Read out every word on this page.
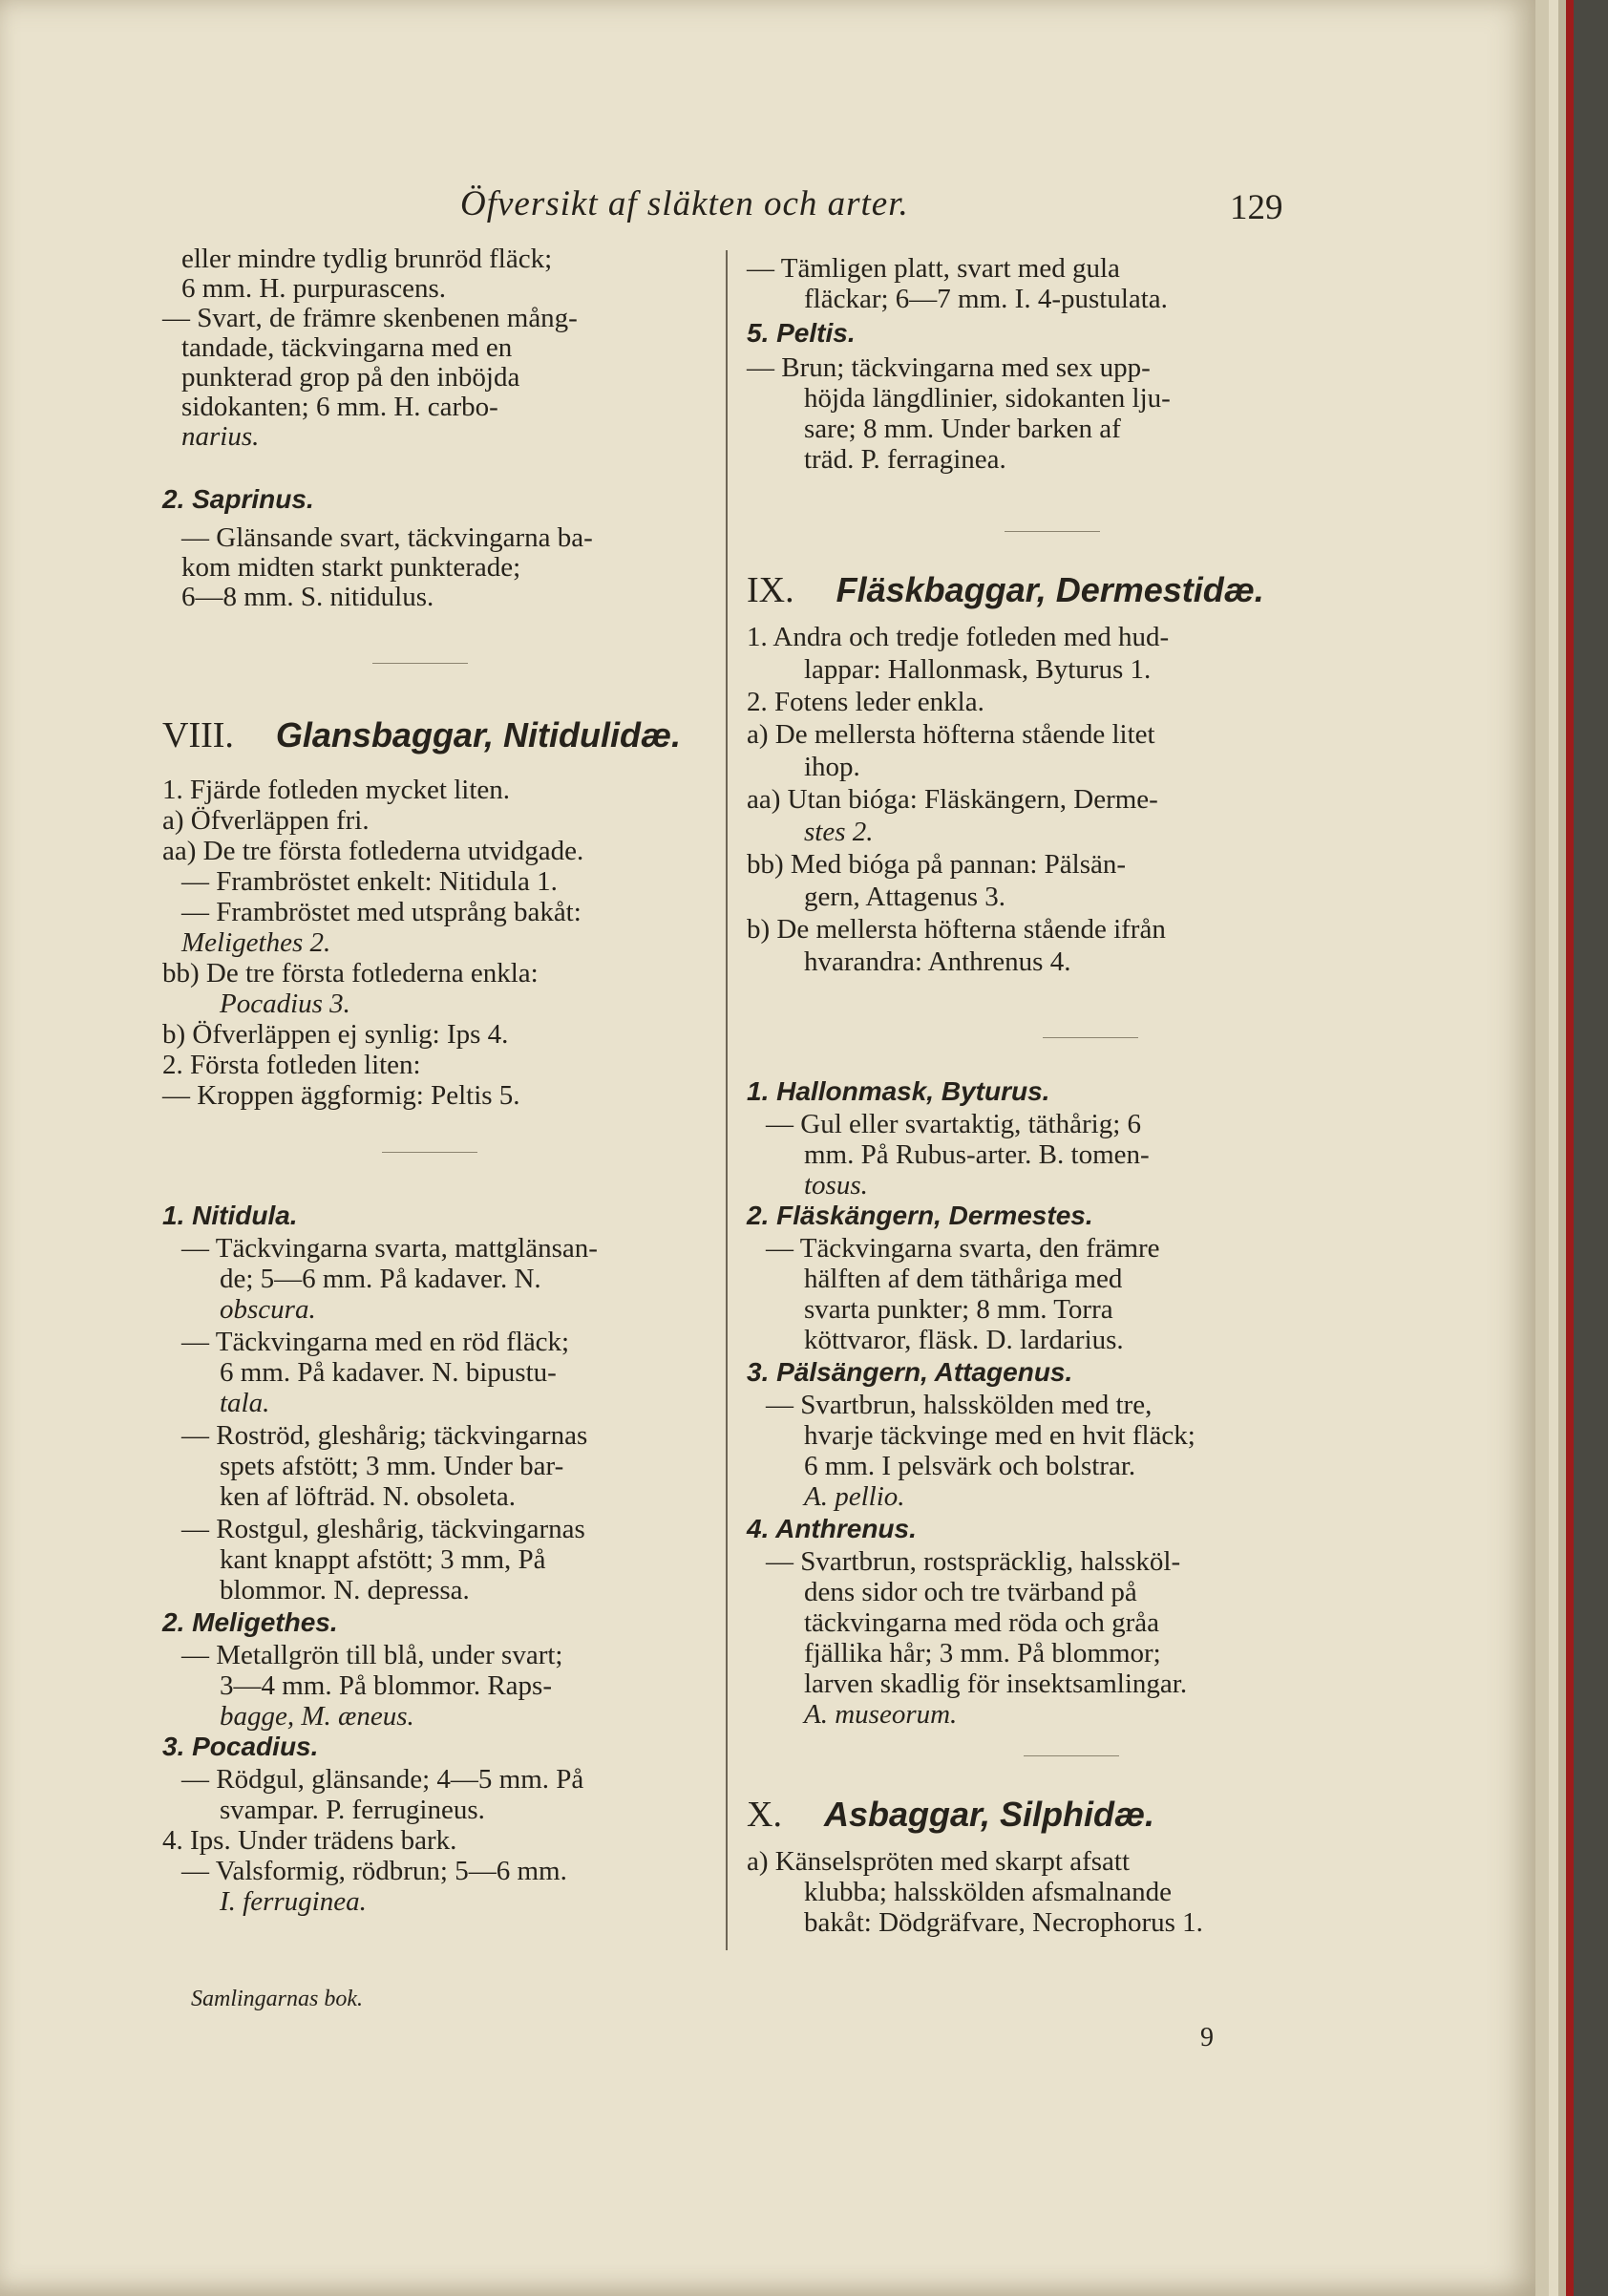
Öfversikt af släkten och arter.	129
eller mindre tydlig brunröd fläck;
6 mm. H. purpurascens.
— Svart, de främre skenbenen mång-
tandade, täckvingarna med en
punkterad grop på den inböjda
sidokanten; 6 mm. H. carbo-
narius.
2. Saprinus.
— Glänsande svart, täckvingarna ba-
kom midten starkt punkterade;
6—8 mm. S. nitidulus.
VIII. Glansbaggar, Nitidulidæ.
1. Fjärde fotleden mycket liten.
a) Öfverläppen fri.
aa) De tre första fotlederna utvidgade.
— Frambröstet enkelt: Nitidula 1.
— Frambröstet med utsprång bakåt:
Meligethes 2.
bb) De tre första fotlederna enkla:
Pocadius 3.
b) Öfverläppen ej synlig: Ips 4.
2. Första fotleden liten:
— Kroppen äggformig: Peltis 5.
1. Nitidula.
— Täckvingarna svarta, mattglänsan-
de; 5—6 mm. På kadaver. N.
obscura.
— Täckvingarna med en röd fläck;
6 mm. På kadaver. N. bipustu-
tala.
— Roströd, gleshårig; täckvingarnas
spets afstött; 3 mm. Under bar-
ken af löfträd. N. obsoleta.
— Rostgul, gleshårig, täckvingarnas
kant knappt afstött; 3 mm, På
blommor. N. depressa.
2. Meligethes.
— Metallgrön till blå, under svart;
3—4 mm. På blommor. Raps-
bagge, M. æneus.
3. Pocadius.
— Rödgul, glänsande; 4—5 mm. På
svampar. P. ferrugineus.
4. Ips. Under trädens bark.
— Valsformig, rödbrun; 5—6 mm.
I. ferruginea.
— Tämligen platt, svart med gula
fläckar; 6—7 mm. I. 4-pustulata.
5. Peltis.
— Brun; täckvingarna med sex upp-
höjda längdlinier, sidokanten lju-
sare; 8 mm. Under barken af
träd. P. ferraginea.
IX. Fläskbaggar, Dermestidæ.
1. Andra och tredje fotleden med hud-
lappar: Hallonmask, Byturus 1.
2. Fotens leder enkla.
a) De mellersta höfterna stående litet
ihop.
aa) Utan bióga: Fläskängern, Derme-
stes 2.
bb) Med bióga på pannan: Pälsän-
gern, Attagenus 3.
b) De mellersta höfterna stående ifrån
hvarandra: Anthrenus 4.
1. Hallonmask, Byturus.
— Gul eller svartaktig, täthårig; 6
mm. På Rubus-arter. B. tomen-
tosus.
2. Fläskängern, Dermestes.
— Täckvingarna svarta, den främre
hälften af dem täthåriga med
svarta punkter; 8 mm. Torra
köttvaror, fläsk. D. lardarius.
3. Pälsängern, Attagenus.
— Svartbrun, halsskölden med tre,
hvarje täckvinge med en hvit fläck;
6 mm. I pelsvärk och bolstrar.
A. pellio.
4. Anthrenus.
— Svartbrun, rostspräcklig, halssköl-
dens sidor och tre tvärband på
täckvingarna med röda och gråa
fjällika hår; 3 mm. På blommor;
larven skadlig för insektsamlingar.
A. museorum.
X. Asbaggar, Silphidæ.
a) Känselspröten med skarpt afsatt
klubba; halsskölden afsmalnande
bakåt: Dödgräfvare, Necrophorus 1.
Samlingarnas bok.
9
